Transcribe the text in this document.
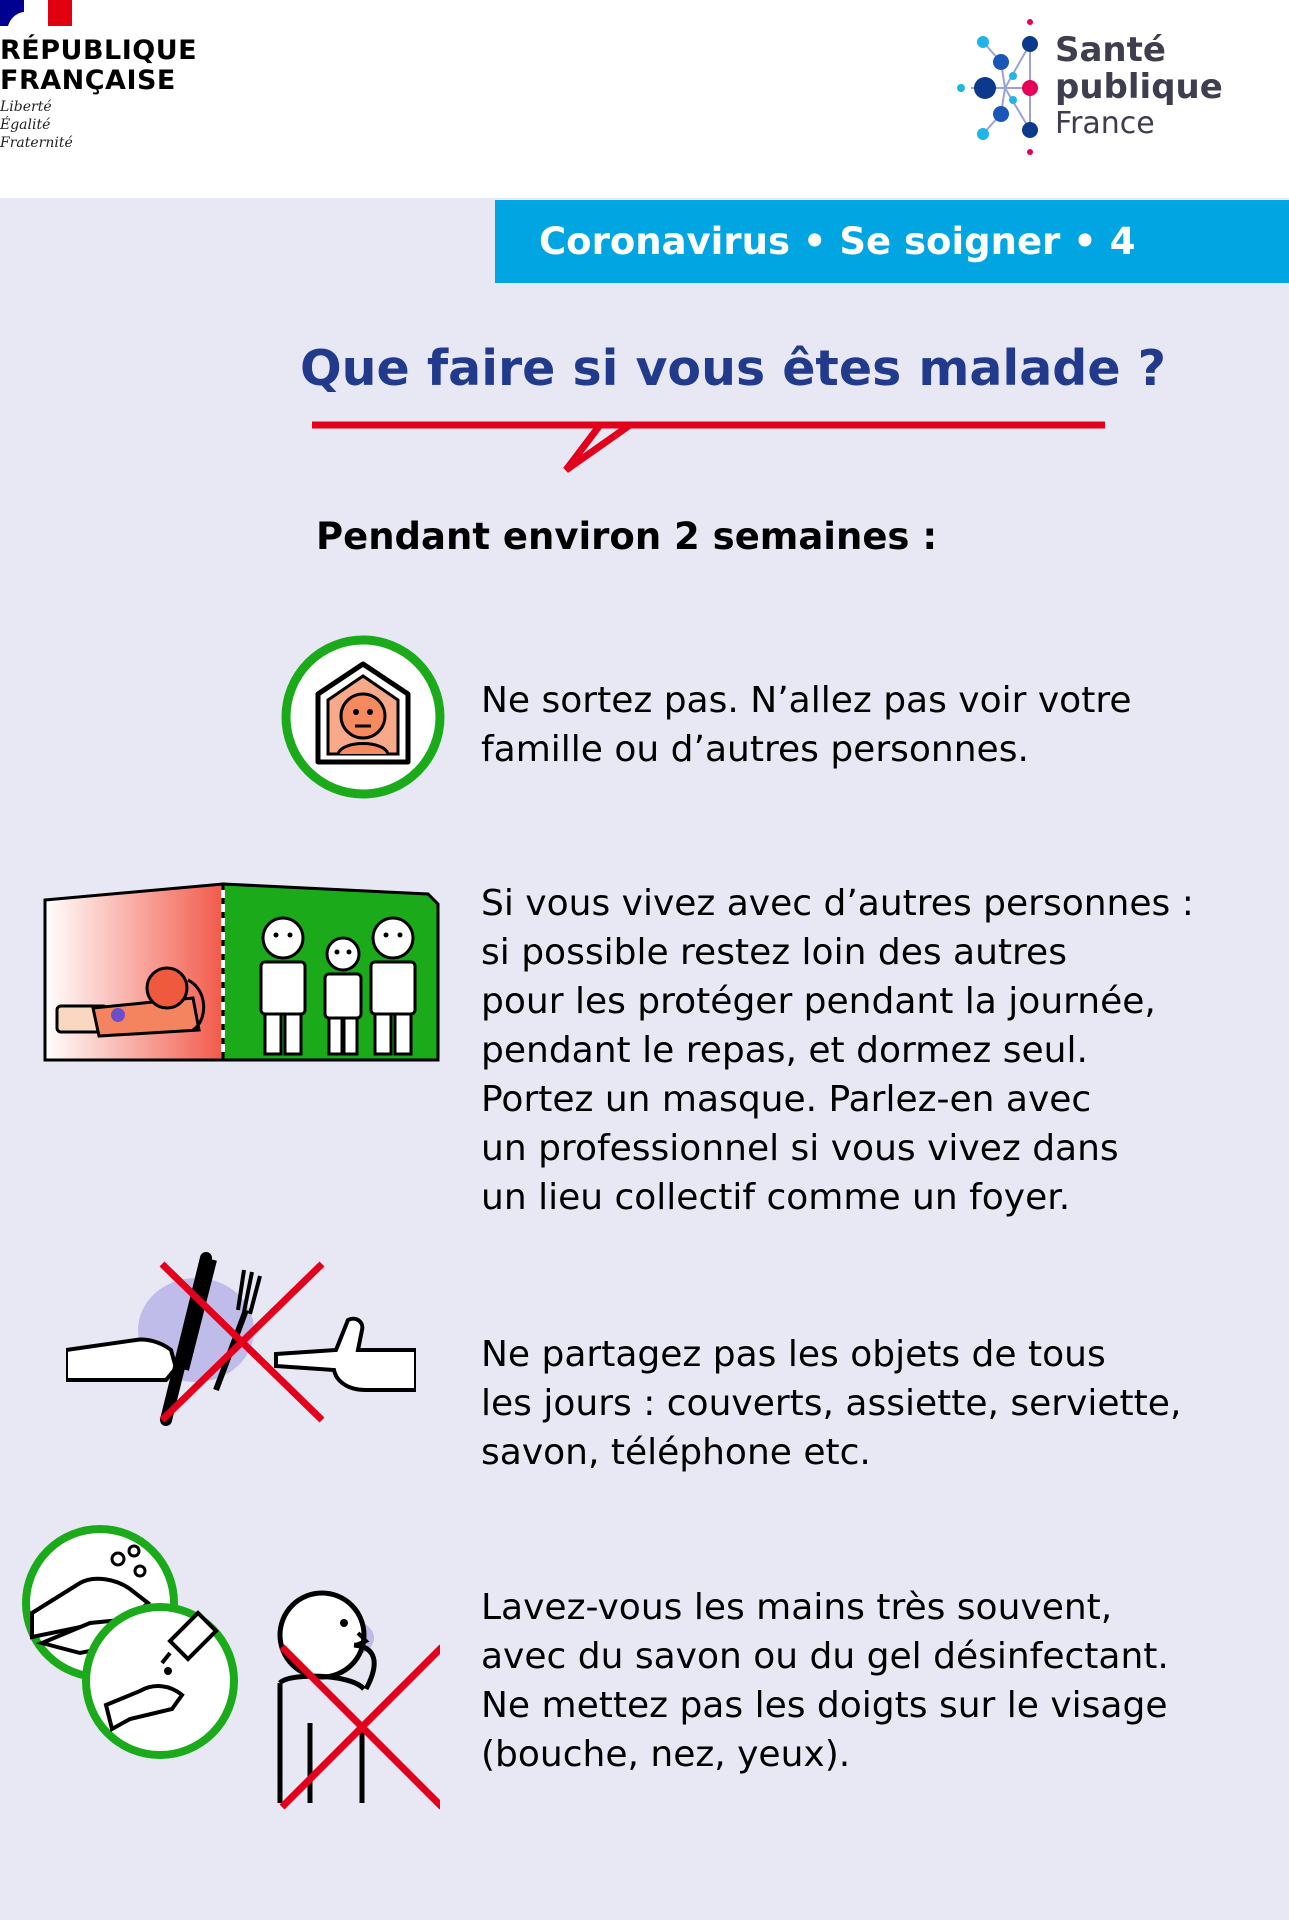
RÉPUBLIQUE
FRANÇAISE
Liberté
Égalité
Fraternité
Santé
publique
France
Coronavirus • Se soigner • 4
Que faire si vous êtes malade ?
Pendant environ 2 semaines :
Ne sortez pas. N’allez pas voir votre
famille ou d’autres personnes.
Si vous vivez avec d’autres personnes :
si possible restez loin des autres
pour les protéger pendant la journée,
pendant le repas, et dormez seul.
Portez un masque. Parlez-en avec
un professionnel si vous vivez dans
un lieu collectif comme un foyer.
Ne partagez pas les objets de tous
les jours : couverts, assiette, serviette,
savon, téléphone etc.
Lavez-vous les mains très souvent,
avec du savon ou du gel désinfectant.
Ne mettez pas les doigts sur le visage
(bouche, nez, yeux).
